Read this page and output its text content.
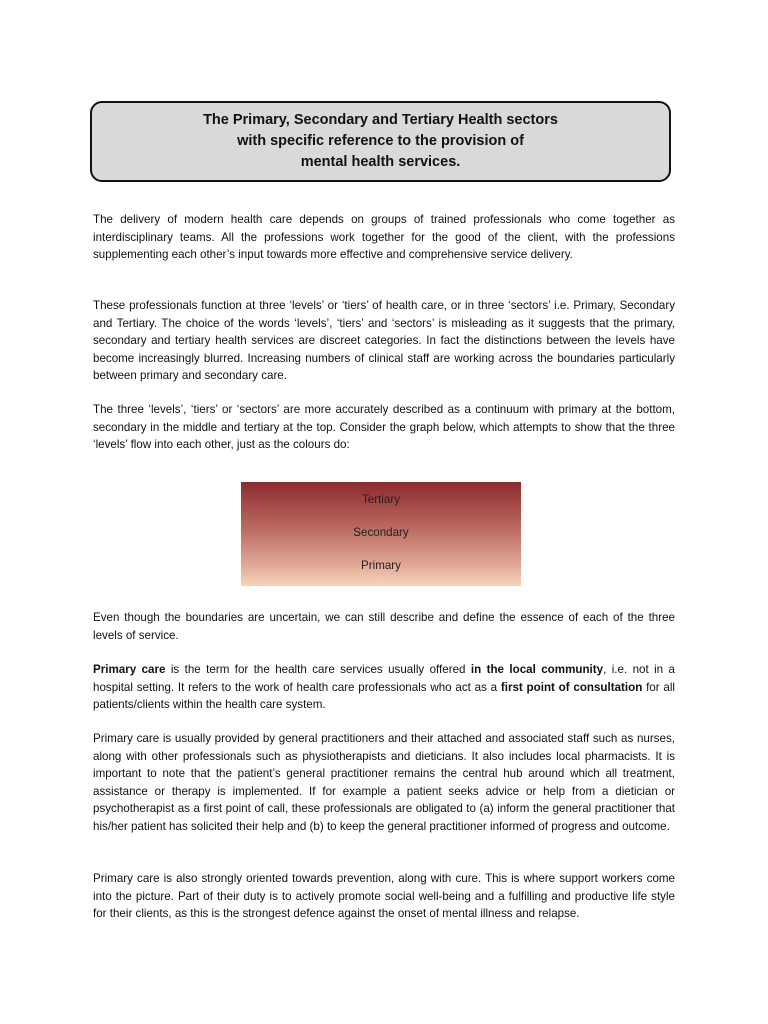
The Primary, Secondary and Tertiary Health sectors
with specific reference to the provision of
mental health services.

The delivery of modern health care depends on groups of trained professionals who come together as interdisciplinary teams. All the professions work together for the good of the client, with the professions supplementing each other’s input towards more effective and comprehensive service delivery.

These professionals function at three ‘levels’ or ‘tiers’ of health care, or in three ‘sectors’ i.e. Primary, Secondary and Tertiary. The choice of the words ‘levels’, ‘tiers’ and ‘sectors’ is misleading as it suggests that the primary, secondary and tertiary health services are discreet categories. In fact the distinctions between the levels have become increasingly blurred. Increasing numbers of clinical staff are working across the boundaries particularly between primary and secondary care.

The three ‘levels’, ‘tiers’ or ‘sectors’ are more accurately described as a continuum with primary at the bottom, secondary in the middle and tertiary at the top. Consider the graph below, which attempts to show that the three ‘levels’ flow into each other, just as the colours do:

Tertiary
Secondary
Primary

Even though the boundaries are uncertain, we can still describe and define the essence of each of the three levels of service.

Primary care is the term for the health care services usually offered in the local community, i.e. not in a hospital setting. It refers to the work of health care professionals who act as a first point of consultation for all patients/clients within the health care system.

Primary care is usually provided by general practitioners and their attached and associated staff such as nurses, along with other professionals such as physiotherapists and dieticians. It also includes local pharmacists. It is important to note that the patient’s general practitioner remains the central hub around which all treatment, assistance or therapy is implemented. If for example a patient seeks advice or help from a dietician or psychotherapist as a first point of call, these professionals are obligated to (a) inform the general practitioner that his/her patient has solicited their help and (b) to keep the general practitioner informed of progress and outcome.

Primary care is also strongly oriented towards prevention, along with cure. This is where support workers come into the picture. Part of their duty is to actively promote social well-being and a fulfilling and productive life style for their clients, as this is the strongest defence against the onset of mental illness and relapse.
